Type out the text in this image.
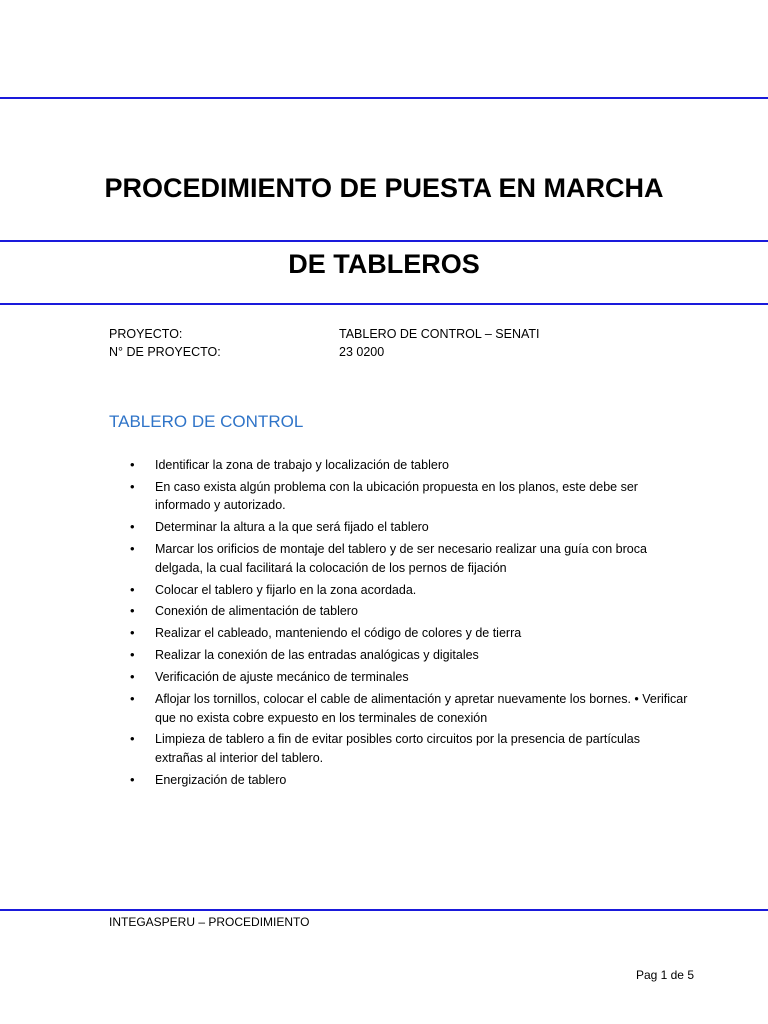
PROCEDIMIENTO DE PUESTA EN MARCHA
DE TABLEROS
PROYECTO:	TABLERO DE CONTROL – SENATI
N° DE PROYECTO:	23 0200
TABLERO DE CONTROL
•	Identificar la zona de trabajo y localización de tablero
•	En caso exista algún problema con la ubicación propuesta en los planos, este debe ser informado y autorizado.
•	Determinar la altura a la que será fijado el tablero
•	Marcar los orificios de montaje del tablero y de ser necesario realizar una guía con broca delgada, la cual facilitará la colocación de los pernos de fijación
•	Colocar el tablero y fijarlo en la zona acordada.
•	Conexión de alimentación de tablero
•	Realizar el cableado, manteniendo el código de colores y de tierra
•	Realizar la conexión de las entradas analógicas y digitales
•	Verificación de ajuste mecánico de terminales
•	Aflojar los tornillos, colocar el cable de alimentación y apretar nuevamente los bornes. • Verificar que no exista cobre expuesto en los terminales de conexión
•	Limpieza de tablero a fin de evitar posibles corto circuitos por la presencia de partículas extrañas al interior del tablero.
•	Energización de tablero
INTEGASPERU – PROCEDIMIENTO
Pag 1 de 5
